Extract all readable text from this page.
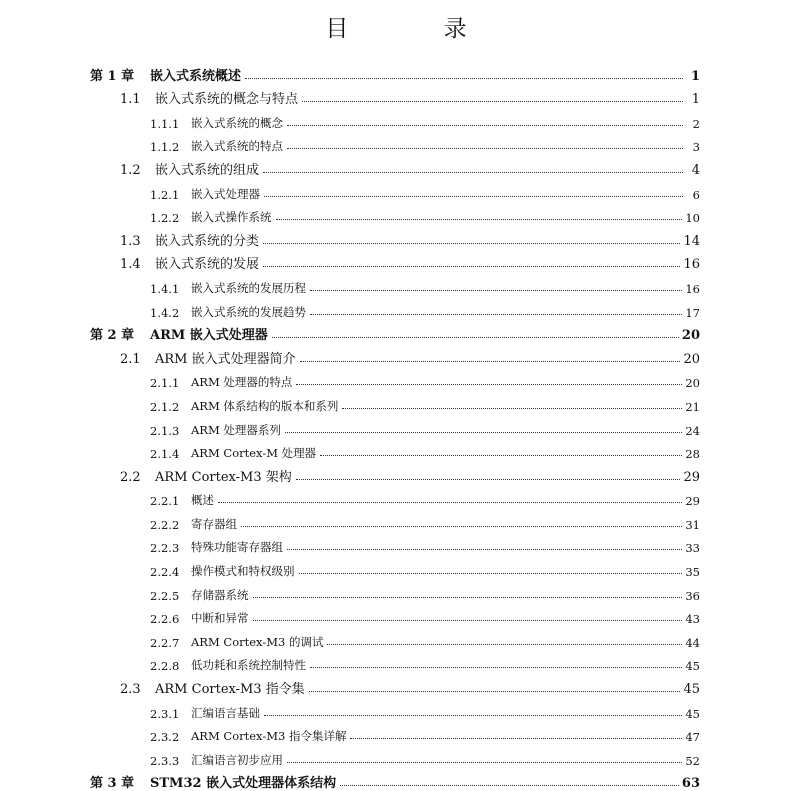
目 录
第 1 章	嵌入式系统概述	1
1.1	嵌入式系统的概念与特点	1
1.1.1	嵌入式系统的概念	2
1.1.2	嵌入式系统的特点	3
1.2	嵌入式系统的组成	4
1.2.1	嵌入式处理器	6
1.2.2	嵌入式操作系统	10
1.3	嵌入式系统的分类	14
1.4	嵌入式系统的发展	16
1.4.1	嵌入式系统的发展历程	16
1.4.2	嵌入式系统的发展趋势	17
第 2 章	ARM 嵌入式处理器	20
2.1	ARM 嵌入式处理器简介	20
2.1.1	ARM 处理器的特点	20
2.1.2	ARM 体系结构的版本和系列	21
2.1.3	ARM 处理器系列	24
2.1.4	ARM Cortex-M 处理器	28
2.2	ARM Cortex-M3 架构	29
2.2.1	概述	29
2.2.2	寄存器组	31
2.2.3	特殊功能寄存器组	33
2.2.4	操作模式和特权级别	35
2.2.5	存储器系统	36
2.2.6	中断和异常	43
2.2.7	ARM Cortex-M3 的调试	44
2.2.8	低功耗和系统控制特性	45
2.3	ARM Cortex-M3 指令集	45
2.3.1	汇编语言基础	45
2.3.2	ARM Cortex-M3 指令集详解	47
2.3.3	汇编语言初步应用	52
第 3 章	STM32 嵌入式处理器体系结构	63
